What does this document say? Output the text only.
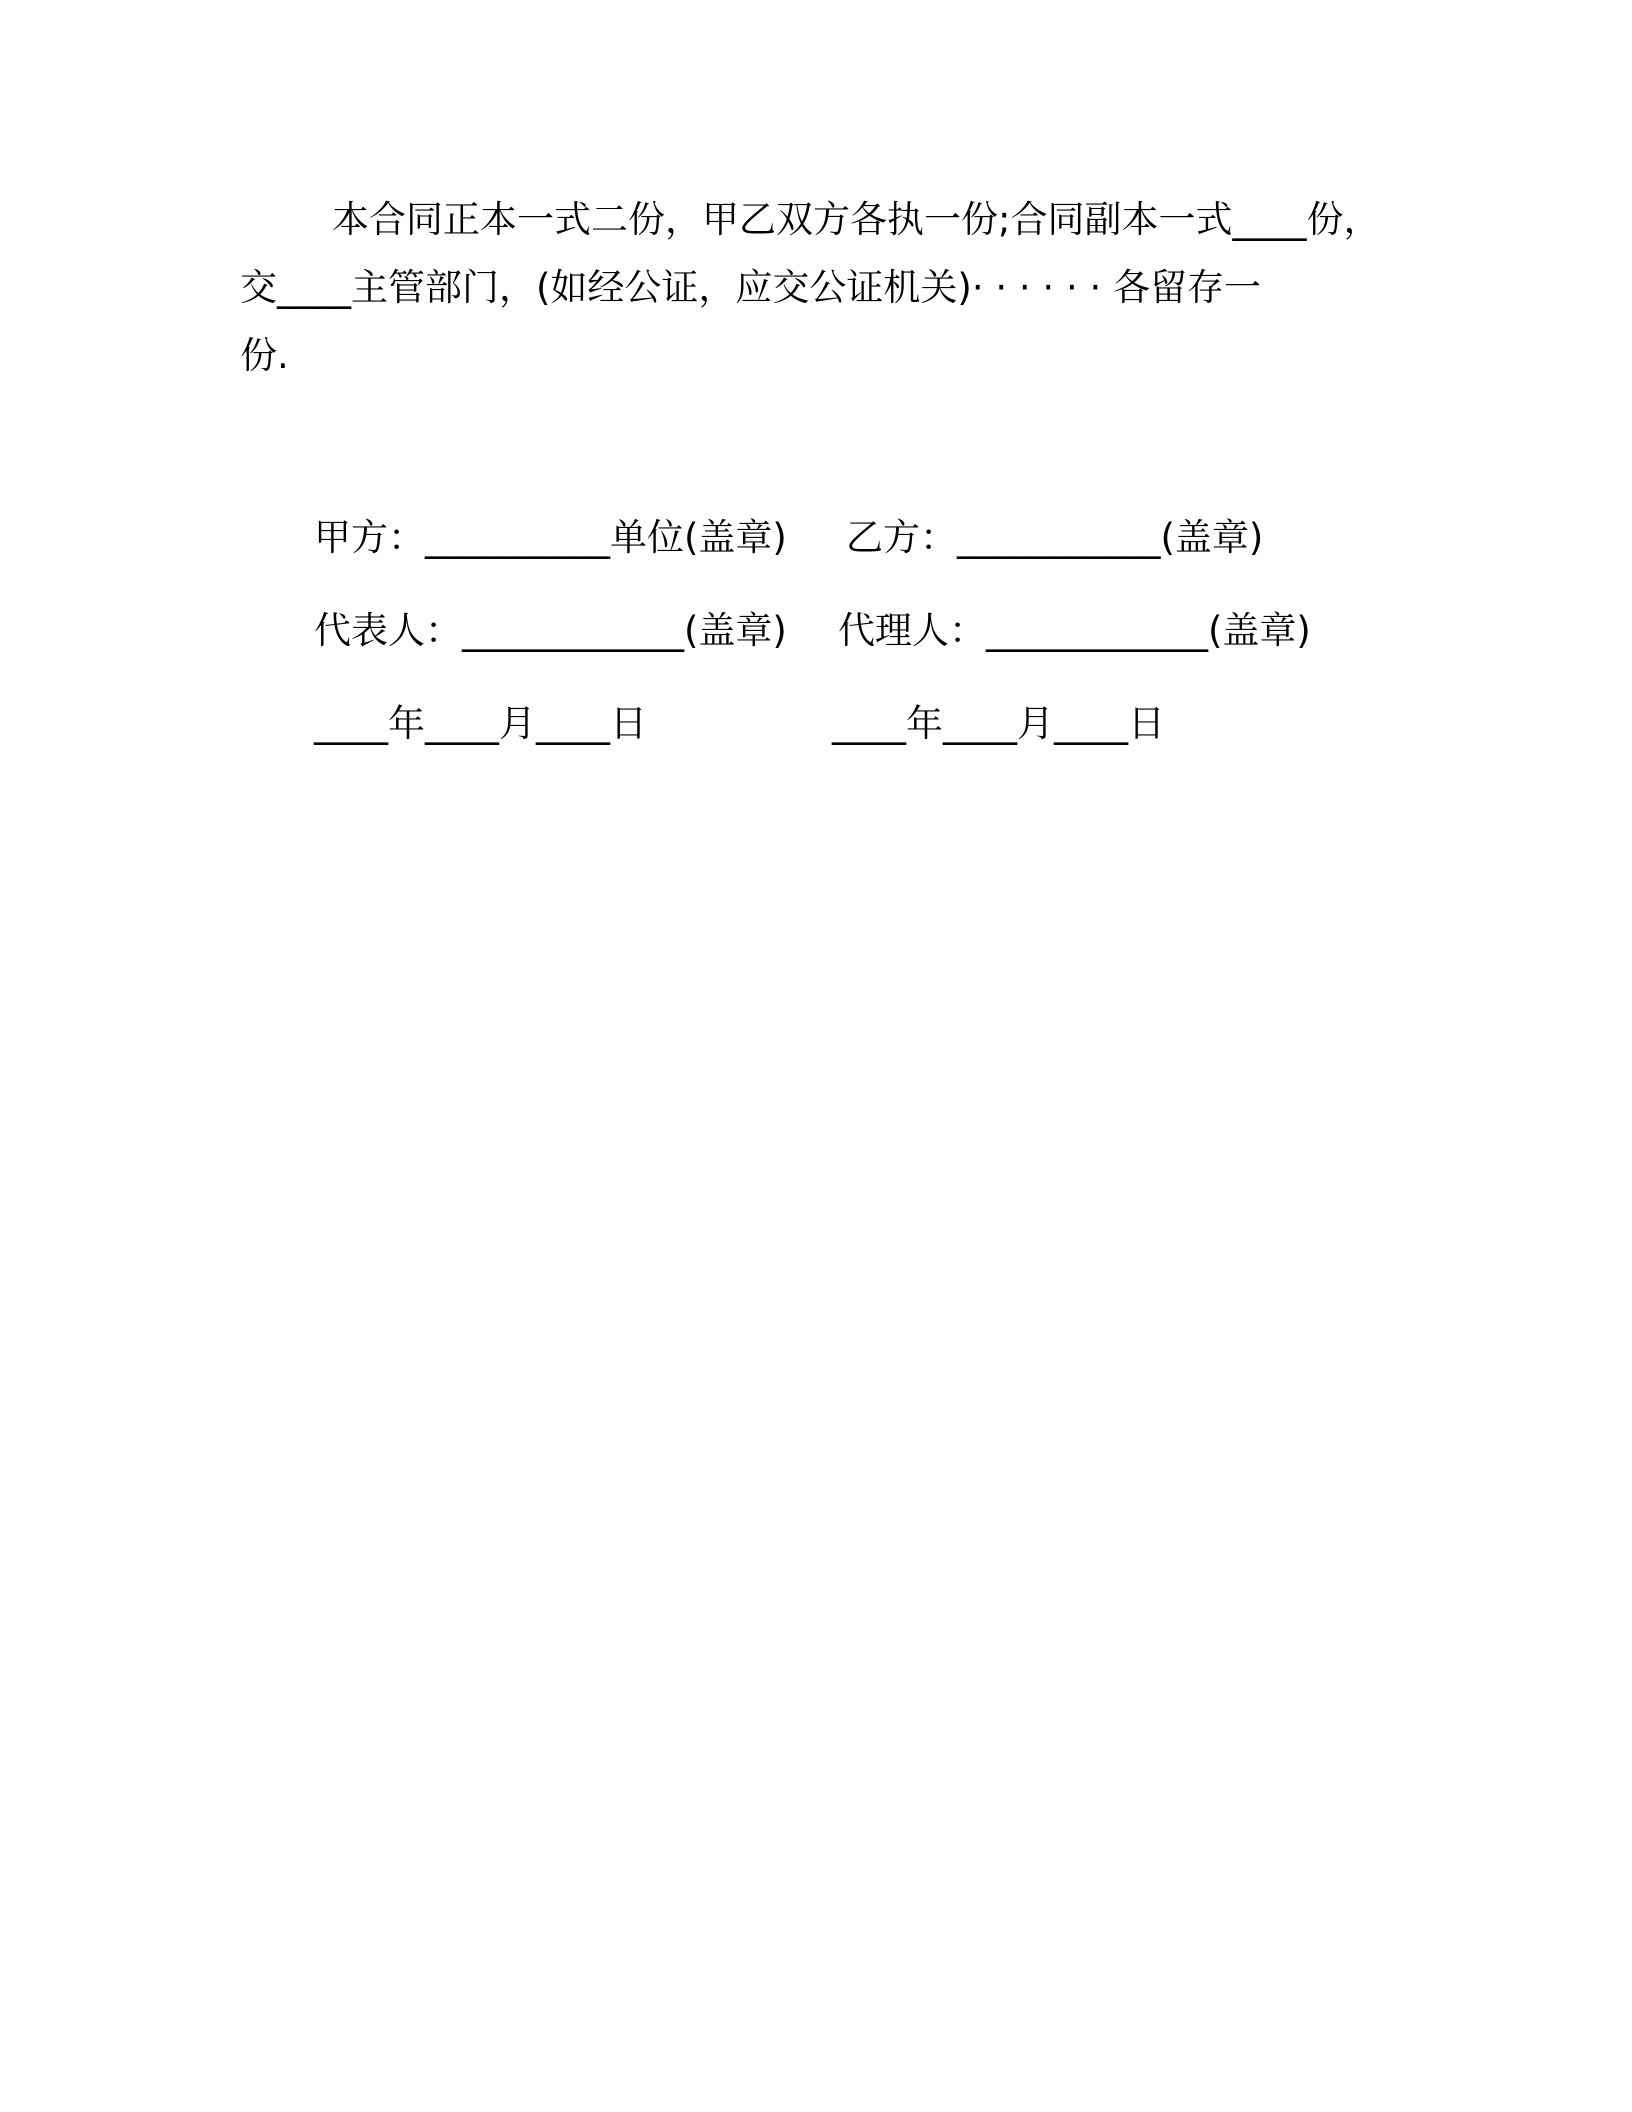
本合同正本一式二份，甲乙双方各执一份;合同副本一式____份，
交____主管部门，(如经公证，应交公证机关)· · · · · · 各留存一
份.
甲方：__________单位(盖章) 乙方：___________(盖章)
代表人：____________(盖章) 代理人：____________(盖章)
____年____月____日	____年____月____日
